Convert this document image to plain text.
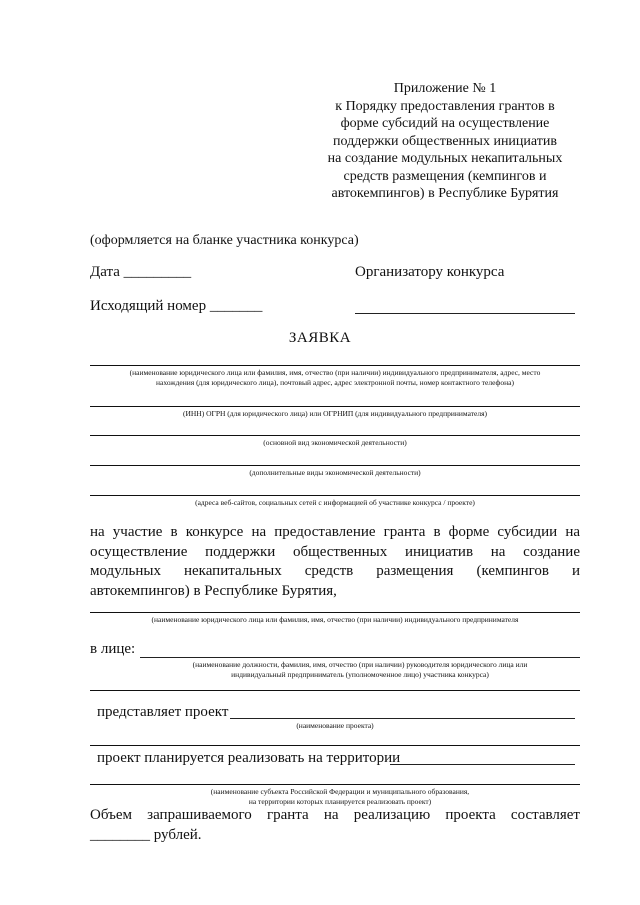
Приложение № 1
к Порядку предоставления грантов в
форме субсидий на осуществление
поддержки общественных инициатив
на создание модульных некапитальных
средств размещения (кемпингов и
автокемпингов) в Республике Бурятия
(оформляется на бланке участника конкурса)
Дата _________	Организатору конкурса
Исходящий номер _______
ЗАЯВКА
(наименование юридического лица или фамилия, имя, отчество (при наличии) индивидуального предпринимателя, адрес, место
нахождения (для юридического лица), почтовый адрес, адрес электронной почты, номер контактного телефона)
(ИНН) ОГРН (для юридического лица) или ОГРНИП (для индивидуального предпринимателя)
(основной вид экономической деятельности)
(дополнительные виды экономической деятельности)
(адреса веб-сайтов, социальных сетей с информацией об участнике конкурса / проекте)
на участие в конкурсе на предоставление гранта в форме субсидии на
осуществление поддержки общественных инициатив на создание
модульных некапитальных средств размещения (кемпингов и
автокемпингов) в Республике Бурятия,
(наименование юридического лица или фамилия, имя, отчество (при наличии) индивидуального предпринимателя
в лице:
(наименование должности, фамилия, имя, отчество (при наличии) руководителя юридического лица или
индивидуальный предприниматель (уполномоченное лицо) участника конкурса)
представляет проект
(наименование проекта)
проект планируется реализовать на территории
(наименование субъекта Российской Федерации и муниципального образования,
на территории которых планируется реализовать проект)
Объем запрашиваемого гранта на реализацию проекта составляет
________ рублей.
